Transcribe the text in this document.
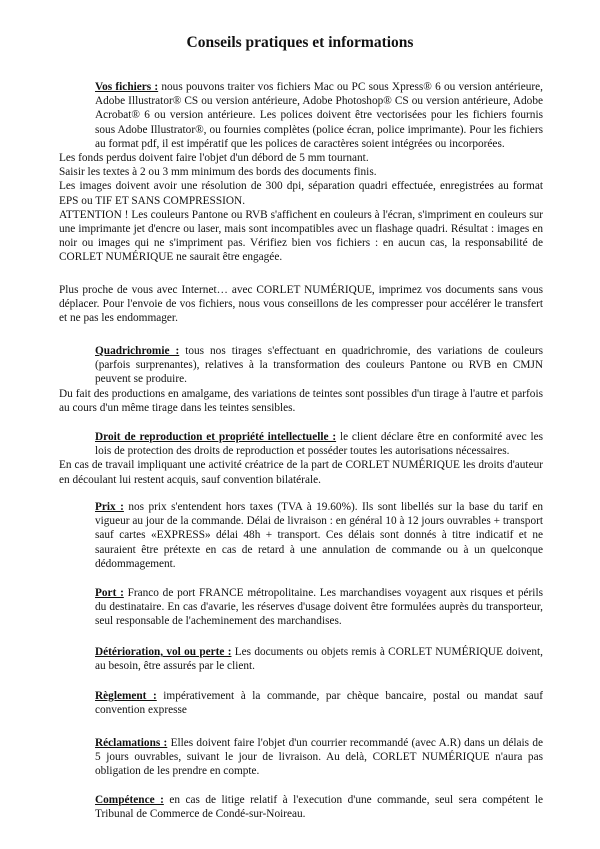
Conseils pratiques et informations

Vos fichiers : nous pouvons traiter vos fichiers Mac ou PC sous Xpress® 6 ou version antérieure, Adobe Illustrator® CS ou version antérieure, Adobe Photoshop® CS ou version antérieure, Adobe Acrobat® 6 ou version antérieure. Les polices doivent être vectorisées pour les fichiers fournis sous Adobe Illustrator®, ou fournies complètes (police écran, police imprimante). Pour les fichiers au format pdf, il est impératif que les polices de caractères soient intégrées ou incorporées.

Les fonds perdus doivent faire l'objet d'un débord de 5 mm tournant.

Saisir les textes à 2 ou 3 mm minimum des bords des documents finis.

Les images doivent avoir une résolution de 300 dpi, séparation quadri effectuée, enregistrées au format EPS ou TIF ET SANS COMPRESSION.

ATTENTION ! Les couleurs Pantone ou RVB s'affichent en couleurs à l'écran, s'impriment en couleurs sur une imprimante jet d'encre ou laser, mais sont incompatibles avec un flashage quadri. Résultat : images en noir ou images qui ne s'impriment pas. Vérifiez bien vos fichiers : en aucun cas, la responsabilité de CORLET NUMÉRIQUE ne saurait être engagée.

Plus proche de vous avec Internet… avec CORLET NUMÉRIQUE, imprimez vos documents sans vous déplacer. Pour l'envoie de vos fichiers, nous vous conseillons de les compresser pour accélérer le transfert et ne pas les endommager.

Quadrichromie : tous nos tirages s'effectuant en quadrichromie, des variations de couleurs (parfois surprenantes), relatives à la transformation des couleurs Pantone ou RVB en CMJN peuvent se produire.

Du fait des productions en amalgame, des variations de teintes sont possibles d'un tirage à l'autre et parfois au cours d'un même tirage dans les teintes sensibles.

Droit de reproduction et propriété intellectuelle : le client déclare être en conformité avec les lois de protection des droits de reproduction et posséder toutes les autorisations nécessaires.

En cas de travail impliquant une activité créatrice de la part de CORLET NUMÉRIQUE les droits d'auteur en découlant lui restent acquis, sauf convention bilatérale.

Prix : nos prix s'entendent hors taxes (TVA à 19.60%). Ils sont libellés sur la base du tarif en vigueur au jour de la commande. Délai de livraison : en général 10 à 12 jours ouvrables + transport sauf cartes «EXPRESS» délai 48h + transport. Ces délais sont donnés à titre indicatif et ne sauraient être prétexte en cas de retard à une annulation de commande ou à un quelconque dédommagement.

Port : Franco de port FRANCE métropolitaine. Les marchandises voyagent aux risques et périls du destinataire. En cas d'avarie, les réserves d'usage doivent être formulées auprès du transporteur, seul responsable de l'acheminement des marchandises.

Détérioration, vol ou perte : Les documents ou objets remis à CORLET NUMÉRIQUE doivent, au besoin, être assurés par le client.

Règlement : impérativement à la commande, par chèque bancaire, postal ou mandat sauf convention expresse

Réclamations : Elles doivent faire l'objet d'un courrier recommandé (avec A.R) dans un délais de 5 jours ouvrables, suivant le jour de livraison. Au delà, CORLET NUMÉRIQUE n'aura pas obligation de les prendre en compte.

Compétence : en cas de litige relatif à l'execution d'une commande, seul sera compétent le Tribunal de Commerce de Condé-sur-Noireau.
